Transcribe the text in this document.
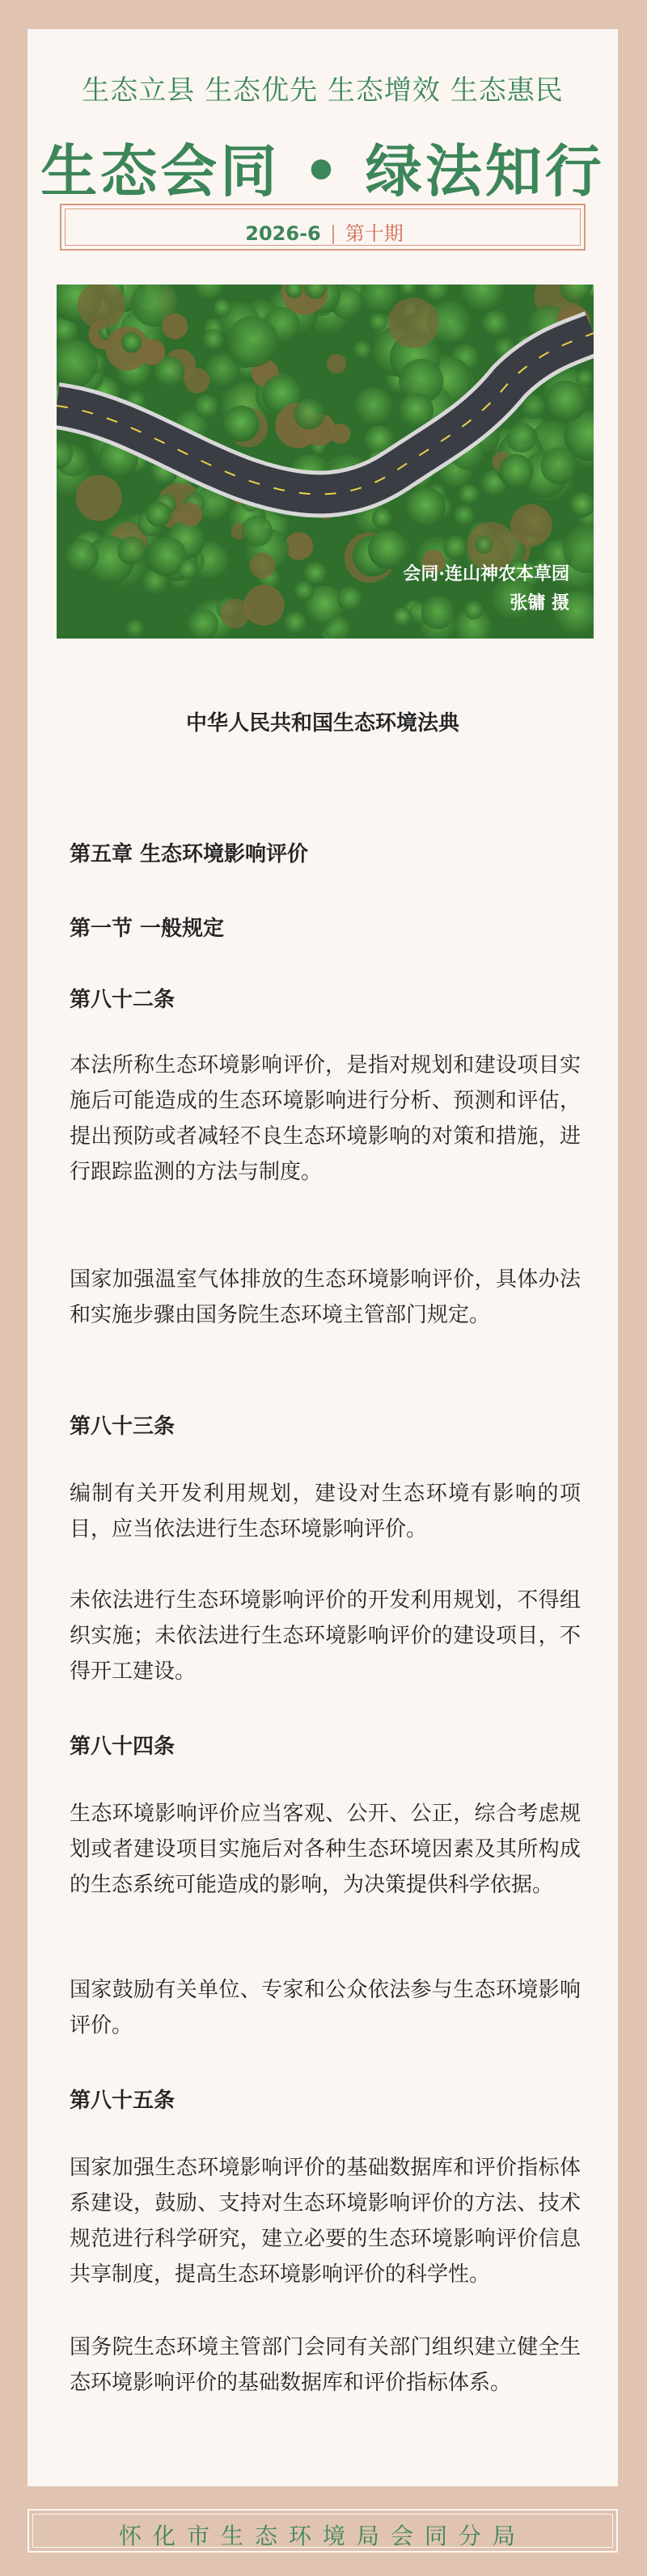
生态立县 生态优先 生态增效 生态惠民
生态会同 • 绿法知行
2026-6 第十期
会同·连山神农本草园
张镛 摄
中华人民共和国生态环境法典
第五章 生态环境影响评价
第一节 一般规定
第八十二条
本法所称生态环境影响评价，是指对规划和建设项目实施后可能造成的生态环境影响进行分析、预测和评估，提出预防或者减轻不良生态环境影响的对策和措施，进行跟踪监测的方法与制度。
国家加强温室气体排放的生态环境影响评价，具体办法和实施步骤由国务院生态环境主管部门规定。
第八十三条
编制有关开发利用规划，建设对生态环境有影响的项目，应当依法进行生态环境影响评价。
未依法进行生态环境影响评价的开发利用规划，不得组织实施；未依法进行生态环境影响评价的建设项目，不得开工建设。
第八十四条
生态环境影响评价应当客观、公开、公正，综合考虑规划或者建设项目实施后对各种生态环境因素及其所构成的生态系统可能造成的影响，为决策提供科学依据。
国家鼓励有关单位、专家和公众依法参与生态环境影响评价。
第八十五条
国家加强生态环境影响评价的基础数据库和评价指标体系建设，鼓励、支持对生态环境影响评价的方法、技术规范进行科学研究，建立必要的生态环境影响评价信息共享制度，提高生态环境影响评价的科学性。
国务院生态环境主管部门会同有关部门组织建立健全生态环境影响评价的基础数据库和评价指标体系。
怀化市生态环境局会同分局
